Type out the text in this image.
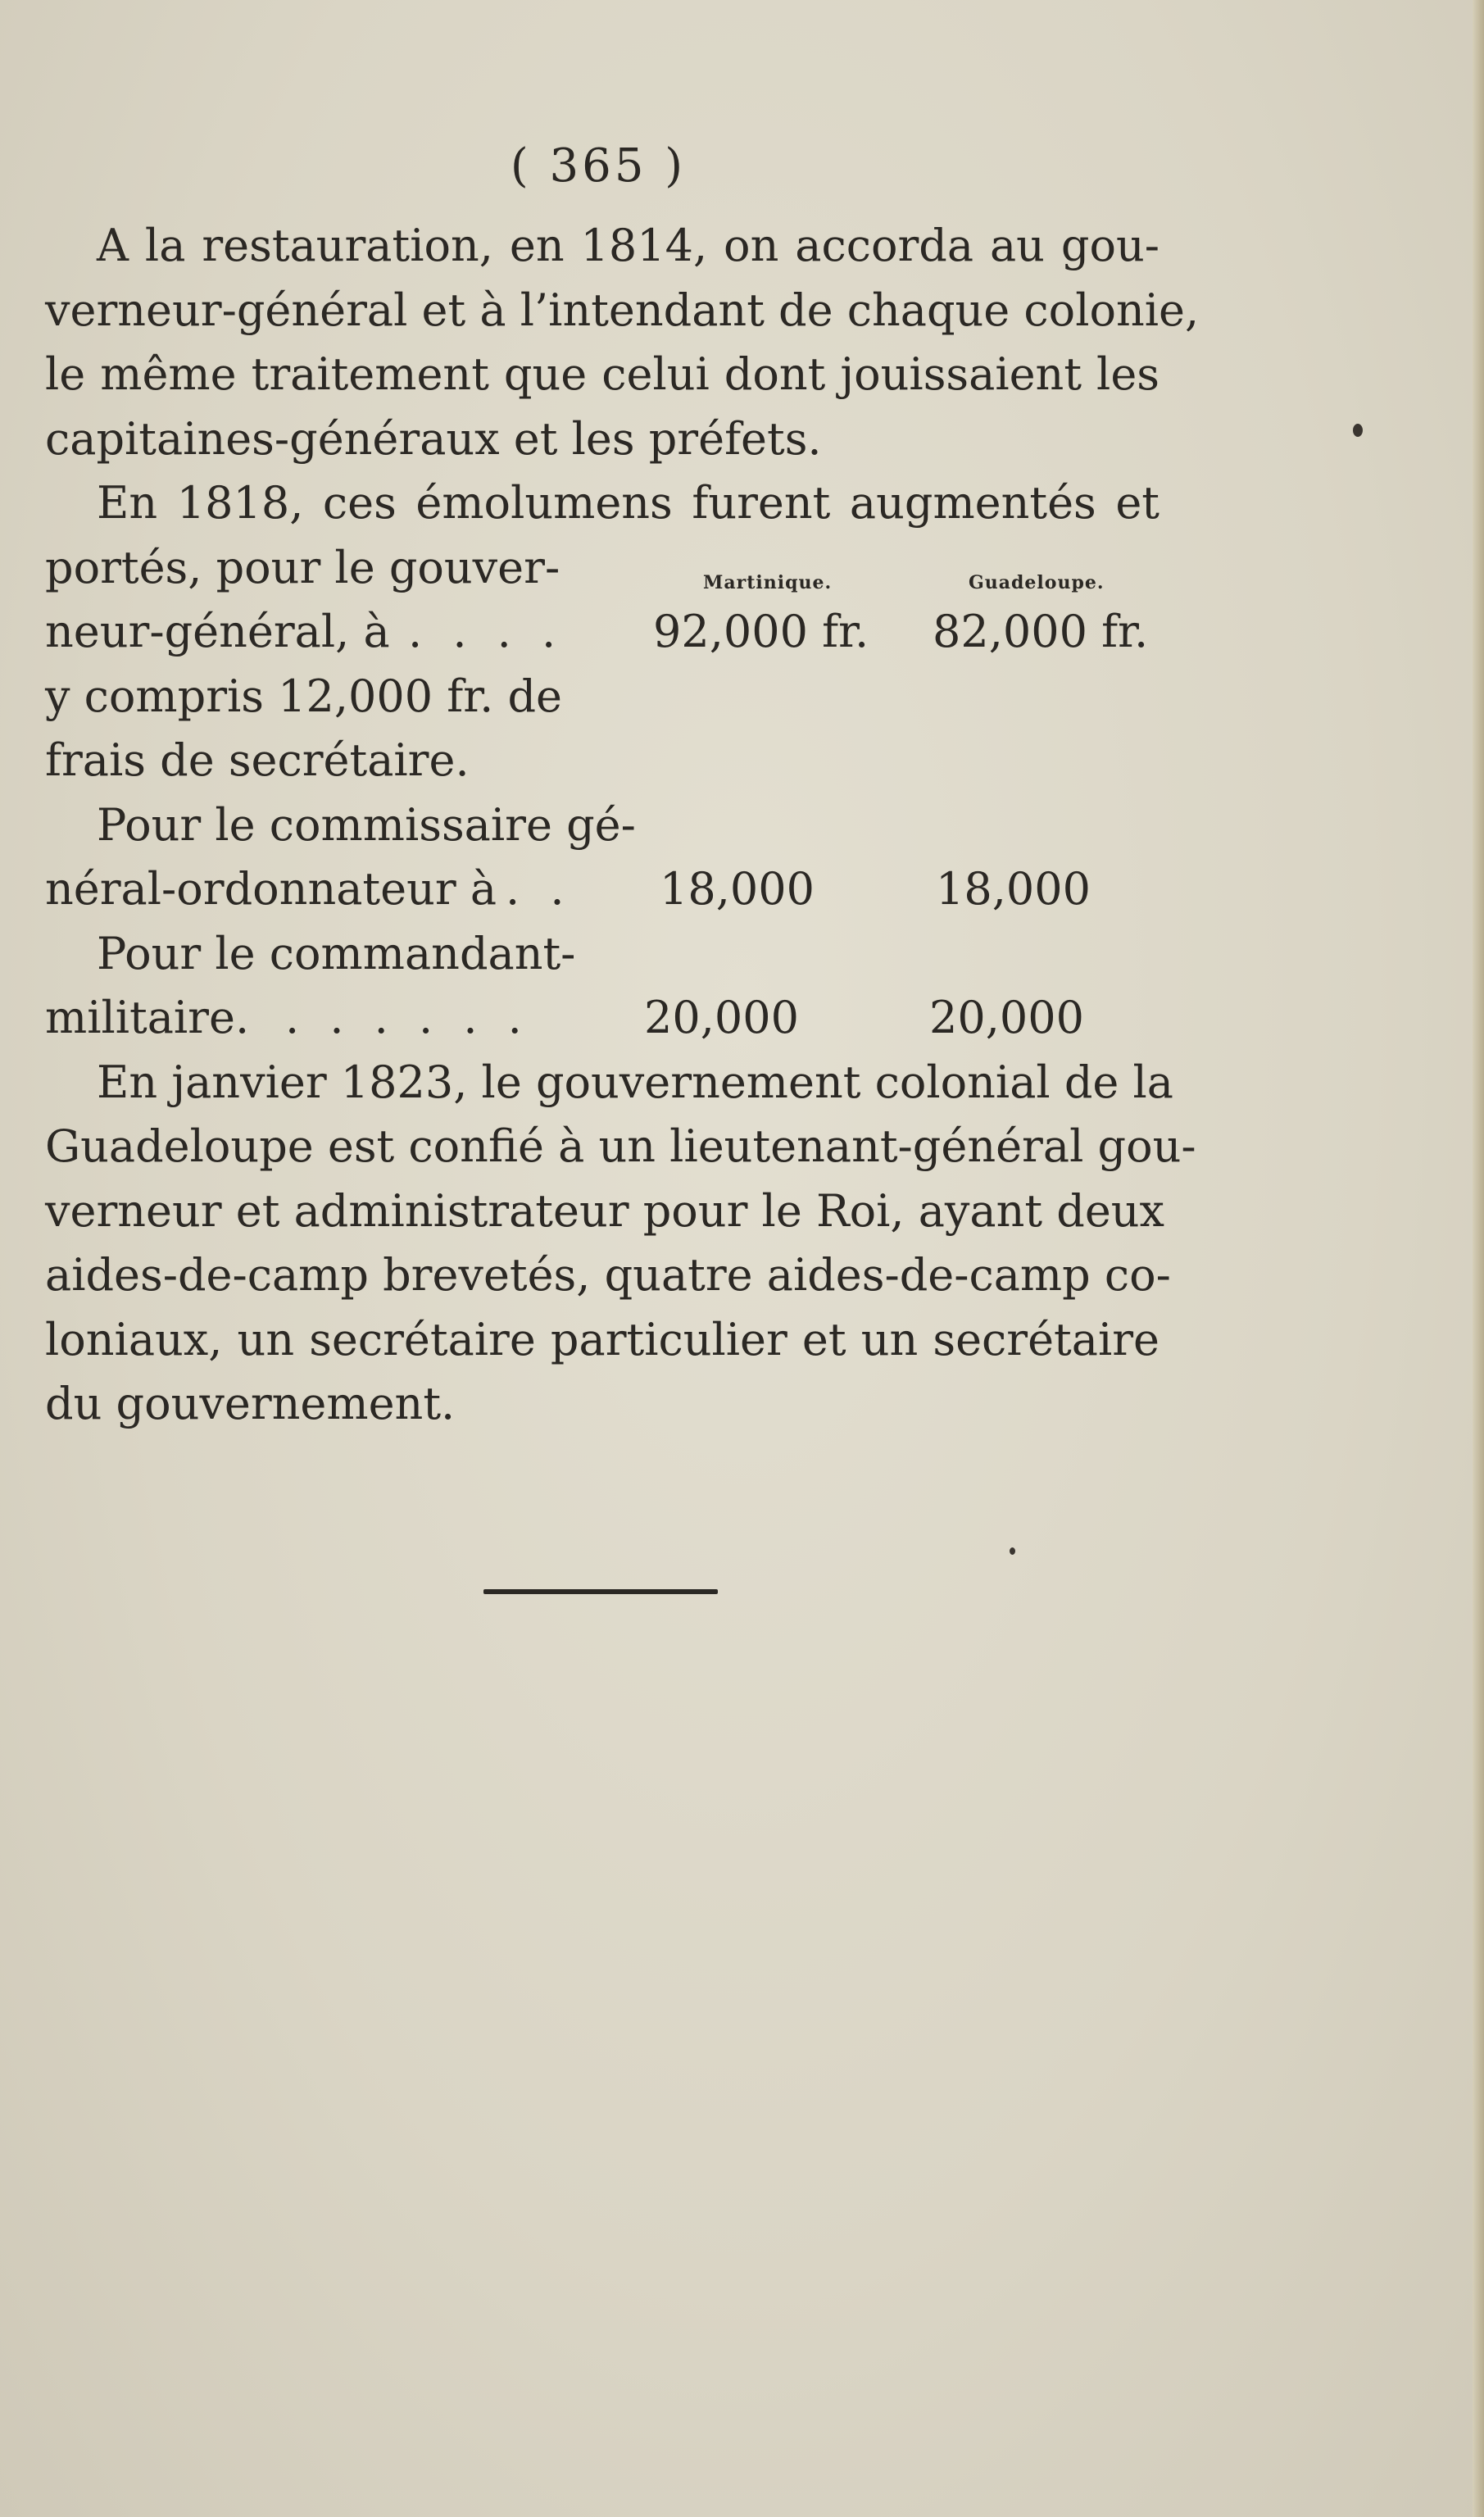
( 365 )
A la restauration, en 1814, on accorda au gou-
verneur-général et à l’intendant de chaque colonie,
le même traitement que celui dont jouissaient les
capitaines-généraux et les préfets.
En 1818, ces émolumens furent augmentés et
Martinique.	Guadeloupe.
portés, pour le gouver-
neur-général, à . . . . 92,000 fr. 82,000 fr.
y compris 12,000 fr. de
frais de secrétaire.
Pour le commissaire gé-
néral-ordonnateur à . . 18,000	18,000
Pour le commandant-
militaire. . . . . . .	20,000	20,000
En janvier 1823, le gouvernement colonial de la
Guadeloupe est confié à un lieutenant-général gou-
verneur et administrateur pour le Roi, ayant deux
aides-de-camp brevetés, quatre aides-de-camp co-
loniaux, un secrétaire particulier et un secrétaire
du gouvernement.
